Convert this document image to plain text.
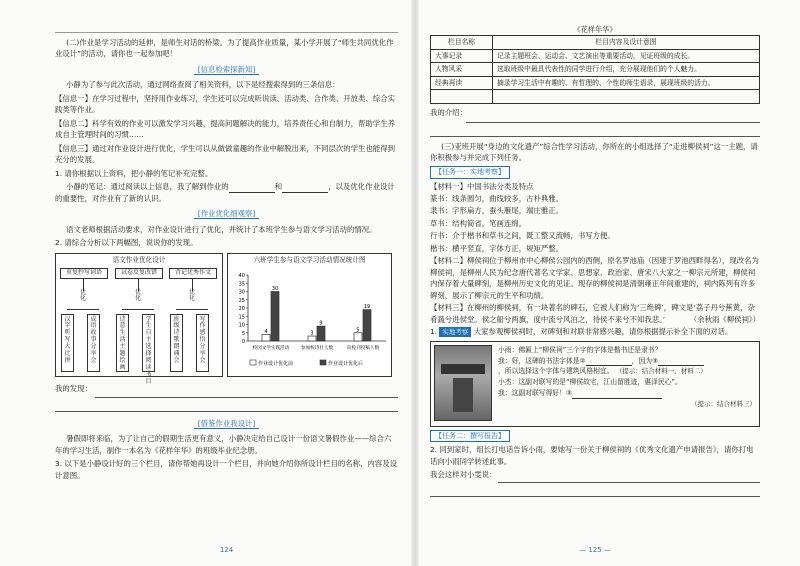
(二)作业是学习活动的延伸，是师生对话的桥梁。为了提高作业质量，某小学开展了“师生共同优化作业设计”的活动，请你也一起参加吧！

[信息检索探新知]

小静为了参与此次活动，通过网络查阅了相关资料，以下是经搜索得到的三条信息：

【信息一】在学习过程中，坚持用作业练习，学生还可以完成听说读、活动类、合作类、开放类、综合实践类等作业。

【信息二】科学有效的作业可以激发学习兴趣，提高问题解决的能力，培养责任心和自制力，帮助学生养成自主管理时间的习惯……

【信息三】通过对作业设计进行优化，学生可以从做做童趣的作业中解脱出来，不同层次的学生也能得到充分的发展。

1. 请你根据以上资料，把小静的笔记补充完整。

小静的笔记：通过阅读以上信息，我了解到作业的	和	，以及优化作业设计的重要性，对作业有了新的认识。

[作业优化细观察]

语文老师根据活动要求，对作业设计进行了优化，并统计了本班学生参与语文学习活动的情况。

2. 请综合分析以下两幅图，说说你的发现。

语文作业优化设计
重复抄写词语	试卷反复改错	背记优秀作文
优
化
优
化
优
化
汉字听写大比拼
成语故事分享会
诗意生活主题绘画
学生自主选择阅读书目
班级诗歌朗诵会
写作感悟分享会
六班学生参与语文学习活动情况统计图
0
5
10
15
20
25
30
35
40
4
30
校园文学实践活动
3
9
参加校诗社人数
5
19
向校刊投稿人数
作业设计优化前	作业设计优化后

我的发现：

[借鉴作业我设计]

暑假即将来临，为了让自己的假期生活更有意义，小静决定给自己设计一份语文暑假作业——综合六年的学习生活，制作一本名为《花样年华》的班级毕业纪念册。

3. 以下是小静设计好的三个栏目，请你帮她再设计一个栏目，并向她介绍你所设计栏目的名称、内容及设计意图。

124
《花样年华》
栏目名称	栏目内容及设计意图
大事记录	记录主题班会、运动会、文艺演出等重要活动，见证班级的成长。
人物风采	选取班级中最具代表性的同学进行介绍，充分展现他们的个人魅力。
经典再读	摘录学习生活中有趣的、有哲理的、个性的师生语录，展现班级的活力。

我的介绍：

(三)亚班开展“身边的文化遗产”综合性学习活动，你所在的小组选择了“走进柳侯祠”这一主题，请你积极参与并完成下列任务。

【任务一：实地考察】

【材料一】中国书法分类及特点

篆书：线条圆匀，曲线较多，古朴典雅。

隶书：字形扁方，蚕头雁尾，端庄雅正。

草书：结构简省，笔画连绵。

行书：介于楷书和草书之间，既工整又流畅，书写方便。

楷书：横平竖直，字体方正，规矩严整。

【材料二】柳侯祠位于柳州市中心柳侯公园内的西侧，原名罗池庙（因建于罗池西畔得名），现改名为柳侯祠，是柳州人民为纪念唐代著名文学家、思想家、政治家、唐宋八大家之一柳宗元所建，柳侯祠内保存着大量碑刻，是柳州历史文化的见证。现存的柳侯祠是清朝雍正年间重建的，祠内陈列有许多碑刻，展示了柳宗元的生平和功绩。

【材料三】在柳州的柳侯祠，有一块著名的碑石，它被人们称为‘三绝碑’，碑文是‘荔子丹兮蕉黄，杂肴蔬兮进侯堂。侯之船兮两旗，度中流兮风泊之，待侯不来兮不知我悲。’	（余秋雨《柳侯祠》）

1. 实地考察 大家参观柳侯祠时，对碑刻和对联非常感兴趣，请你根据提示补全下面的对话。

小雨：佛匾上“柳侯祠”三个字的字体是楷书还是隶书？
我：好，这碑的书法字体是②	，因为③
，所以选择这个字体与建筑风格相宜。 （提示：结合材料一、材料二）
小杰：这副对联写的是“柳侯故宅，江山留胜迹，惠泽民心”。
我：这副对联写得好！③
（提示：结合材料三）
【任务二：撰写报告】

2. 同到家时，组长打电话告诉小雨，要她写一份关于柳侯祠的《优秀文化遗产申请报告》，请你打电话向小雨同学转述此事。

我会这样对小雯说：

— 125 —
